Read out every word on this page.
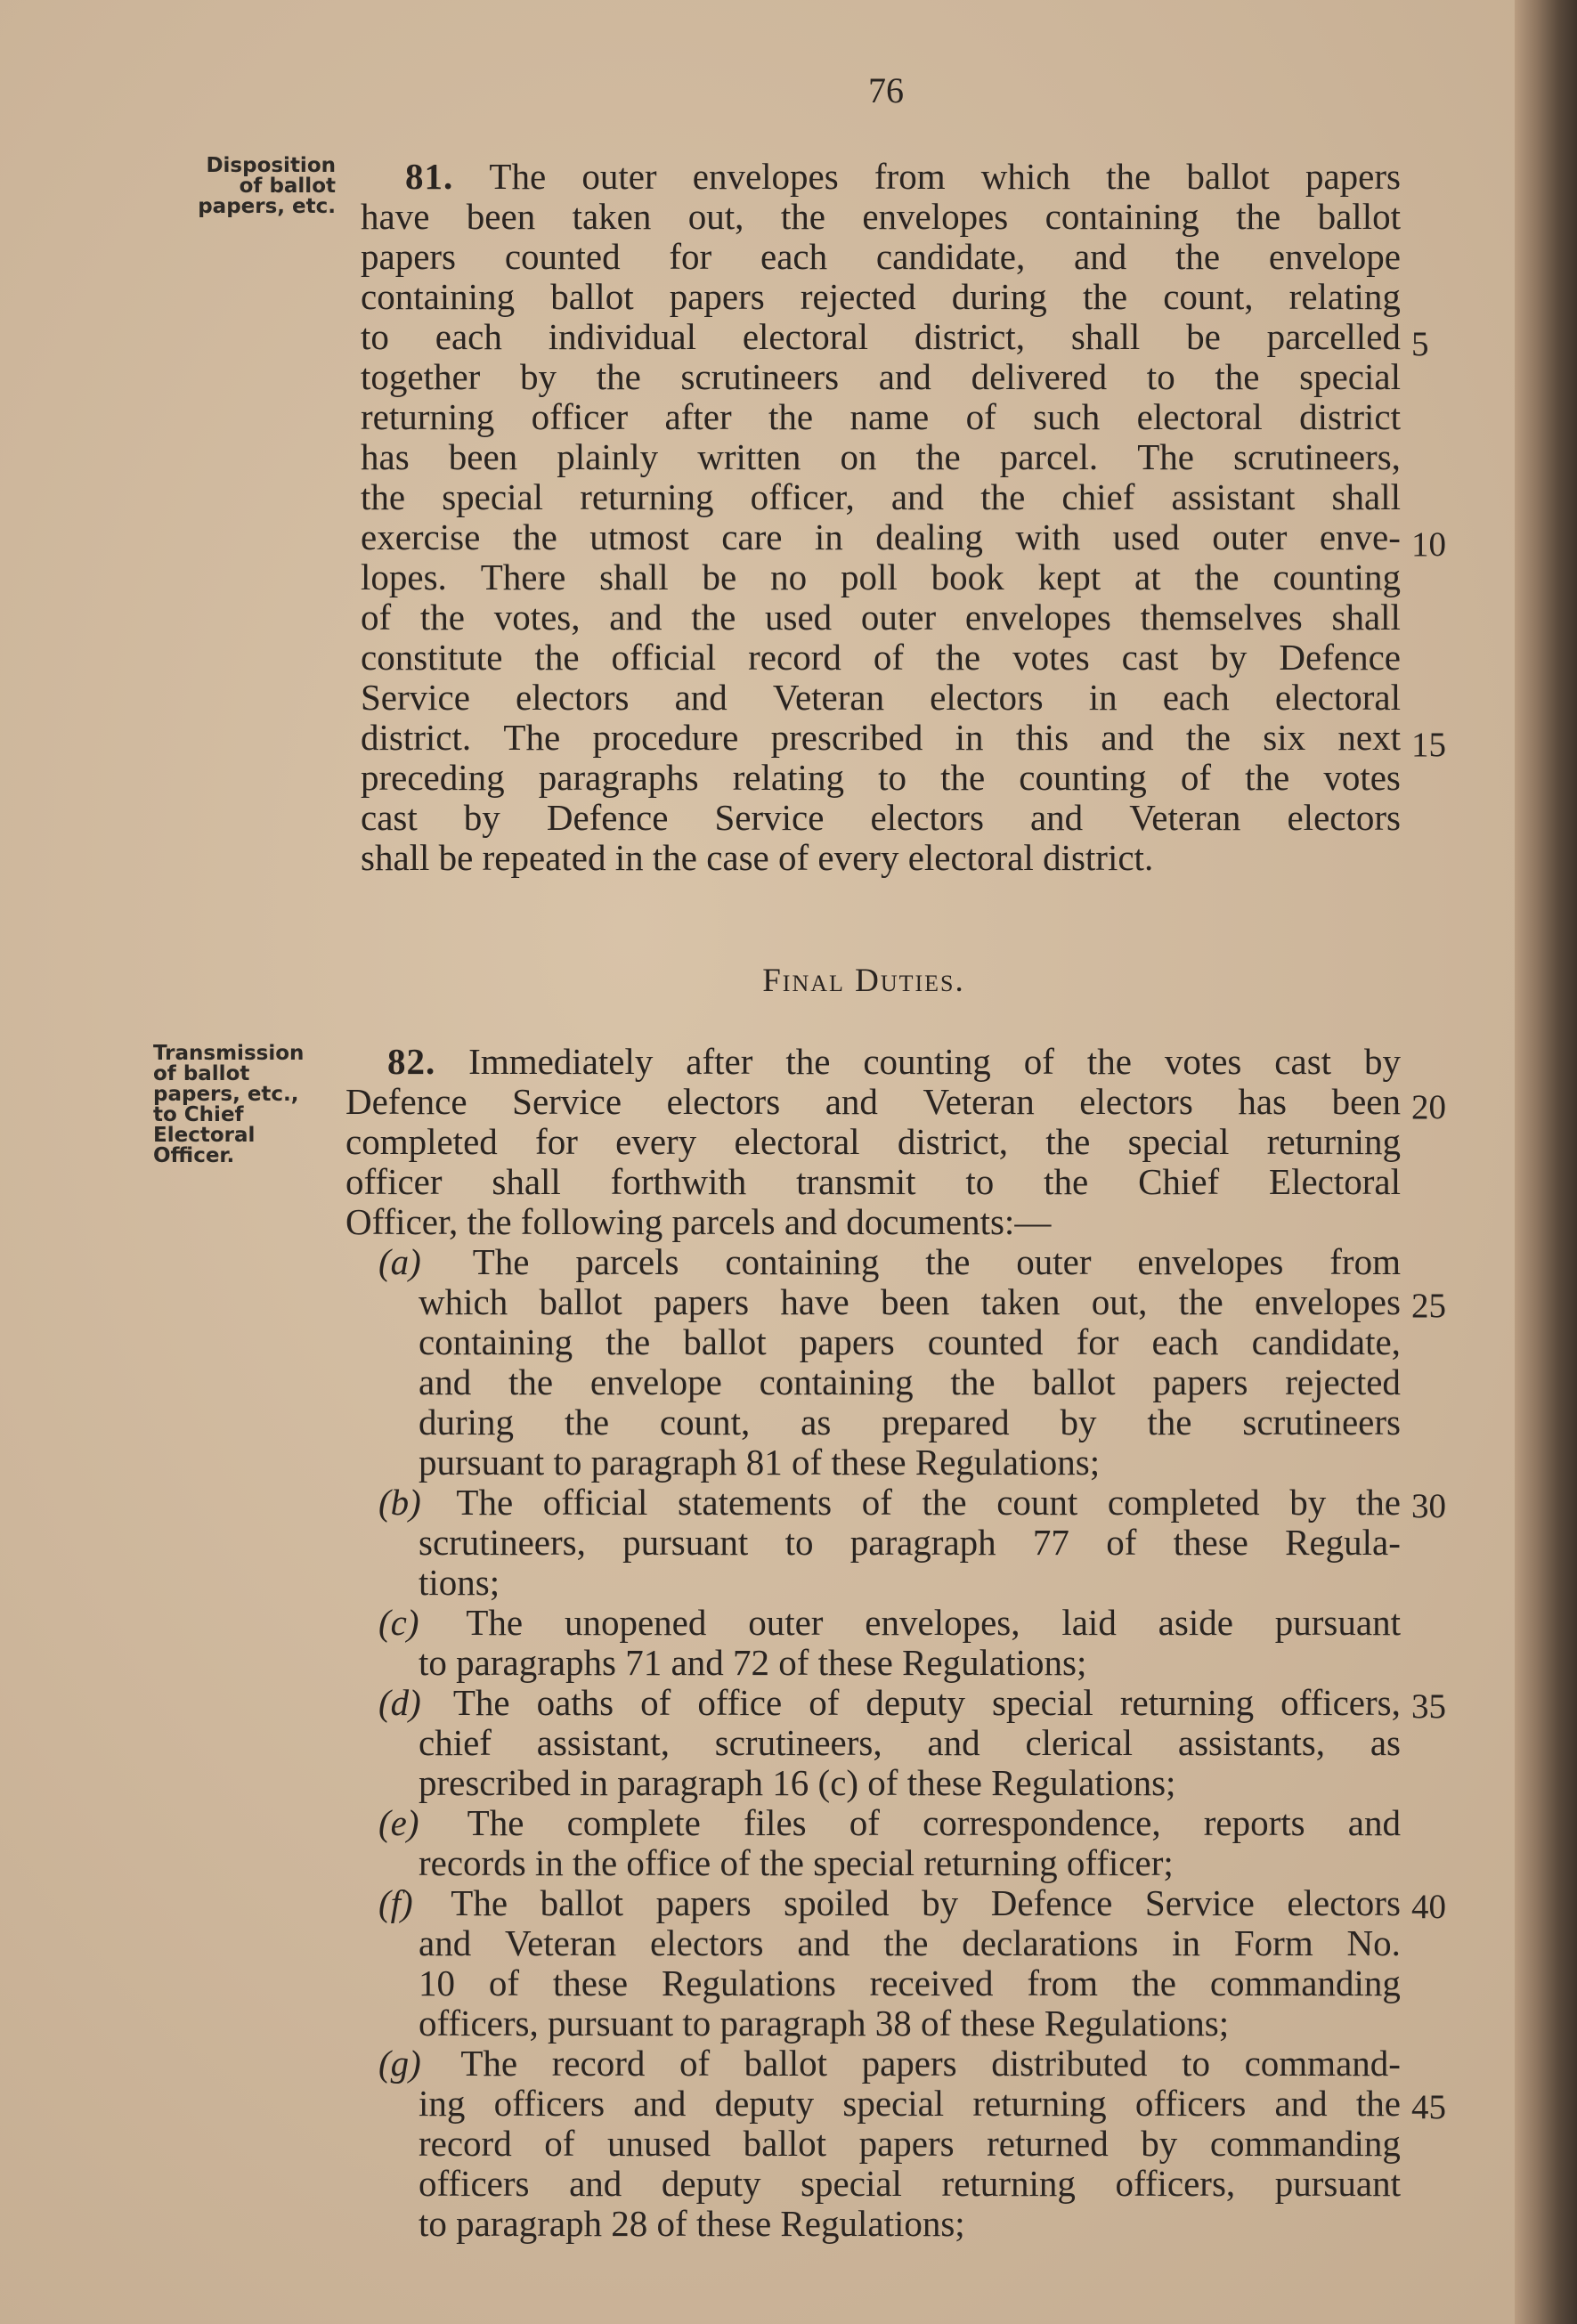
76
Disposition
of ballot
papers, etc.
Transmission
of ballot
papers, etc.,
to Chief
Electoral
Officer.
Final Duties.
81. The outer envelopes from which the ballot papers
have been taken out, the envelopes containing the ballot
papers counted for each candidate, and the envelope
containing ballot papers rejected during the count, relating
to each individual electoral district, shall be parcelled
together by the scrutineers and delivered to the special
returning officer after the name of such electoral district
has been plainly written on the parcel. The scrutineers,
the special returning officer, and the chief assistant shall
exercise the utmost care in dealing with used outer enve-
lopes. There shall be no poll book kept at the counting
of the votes, and the used outer envelopes themselves shall
constitute the official record of the votes cast by Defence
Service electors and Veteran electors in each electoral
district. The procedure prescribed in this and the six next
preceding paragraphs relating to the counting of the votes
cast by Defence Service electors and Veteran electors
shall be repeated in the case of every electoral district.
82. Immediately after the counting of the votes cast by
Defence Service electors and Veteran electors has been
completed for every electoral district, the special returning
officer shall forthwith transmit to the Chief Electoral
Officer, the following parcels and documents:—
(a) The parcels containing the outer envelopes from
which ballot papers have been taken out, the envelopes
containing the ballot papers counted for each candidate,
and the envelope containing the ballot papers rejected
during the count, as prepared by the scrutineers
pursuant to paragraph 81 of these Regulations;
(b) The official statements of the count completed by the
scrutineers, pursuant to paragraph 77 of these Regula-
tions;
(c) The unopened outer envelopes, laid aside pursuant
to paragraphs 71 and 72 of these Regulations;
(d) The oaths of office of deputy special returning officers,
chief assistant, scrutineers, and clerical assistants, as
prescribed in paragraph 16 (c) of these Regulations;
(e) The complete files of correspondence, reports and
records in the office of the special returning officer;
(f) The ballot papers spoiled by Defence Service electors
and Veteran electors and the declarations in Form No.
10 of these Regulations received from the commanding
officers, pursuant to paragraph 38 of these Regulations;
(g) The record of ballot papers distributed to command-
ing officers and deputy special returning officers and the
record of unused ballot papers returned by commanding
officers and deputy special returning officers, pursuant
to paragraph 28 of these Regulations;
5
10
15
20
25
30
35
40
45
